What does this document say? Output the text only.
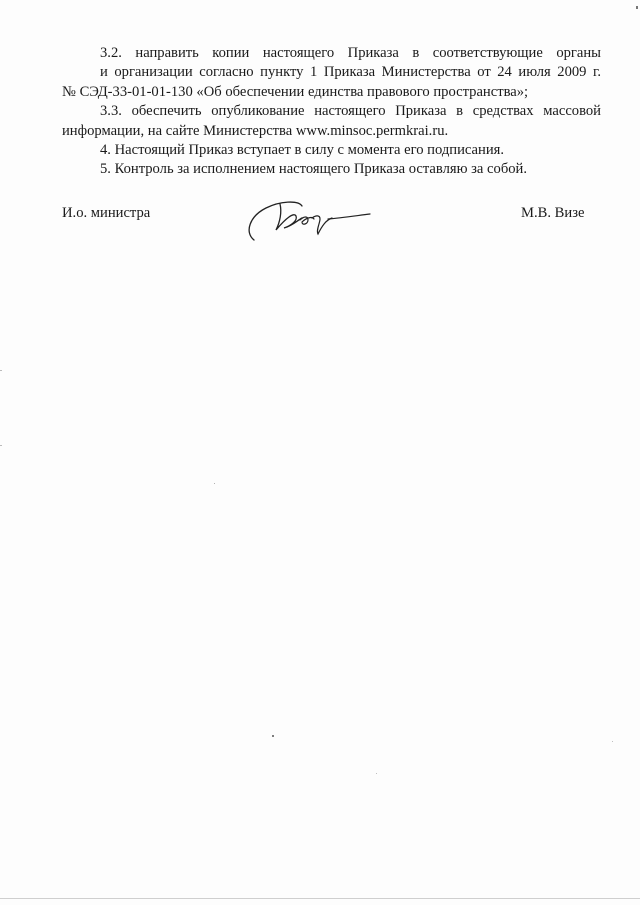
3.2. направить копии настоящего Приказа в соответствующие органы
и организации согласно пункту 1 Приказа Министерства от 24 июля 2009 г.
№ СЭД-33-01-01-130 «Об обеспечении единства правового пространства»;

3.3. обеспечить опубликование настоящего Приказа в средствах массовой
информации, на сайте Министерства www.minsoc.permkrai.ru.

4. Настоящий Приказ вступает в силу с момента его подписания.

5. Контроль за исполнением настоящего Приказа оставляю за собой.

И.о. министра	М.В. Визе
